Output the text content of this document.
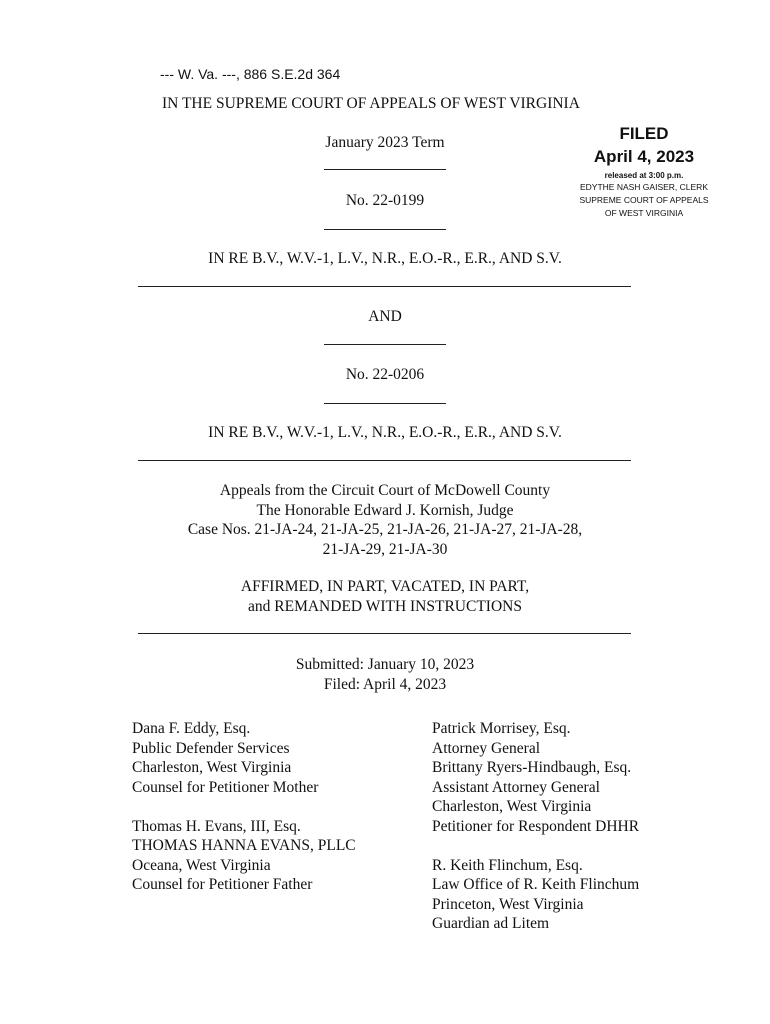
--- W. Va. ---, 886 S.E.2d 364
IN THE SUPREME COURT OF APPEALS OF WEST VIRGINIA
January 2023 Term	FILED
April 4, 2023
released at 3:00 p.m.
EDYTHE NASH GAISER, CLERK
SUPREME COURT OF APPEALS
OF WEST VIRGINIA
No. 22-0199
IN RE B.V., W.V.-1, L.V., N.R., E.O.-R., E.R., AND S.V.
AND
No. 22-0206
IN RE B.V., W.V.-1, L.V., N.R., E.O.-R., E.R., AND S.V.
Appeals from the Circuit Court of McDowell County
The Honorable Edward J. Kornish, Judge
Case Nos. 21-JA-24, 21-JA-25, 21-JA-26, 21-JA-27, 21-JA-28,
21-JA-29, 21-JA-30
AFFIRMED, IN PART, VACATED, IN PART,
and REMANDED WITH INSTRUCTIONS
Submitted: January 10, 2023
Filed: April 4, 2023
Dana F. Eddy, Esq.
Public Defender Services
Charleston, West Virginia
Counsel for Petitioner Mother
Thomas H. Evans, III, Esq.
THOMAS HANNA EVANS, PLLC
Oceana, West Virginia
Counsel for Petitioner Father
Patrick Morrisey, Esq.
Attorney General
Brittany Ryers-Hindbaugh, Esq.
Assistant Attorney General
Charleston, West Virginia
Petitioner for Respondent DHHR
R. Keith Flinchum, Esq.
Law Office of R. Keith Flinchum
Princeton, West Virginia
Guardian ad Litem
